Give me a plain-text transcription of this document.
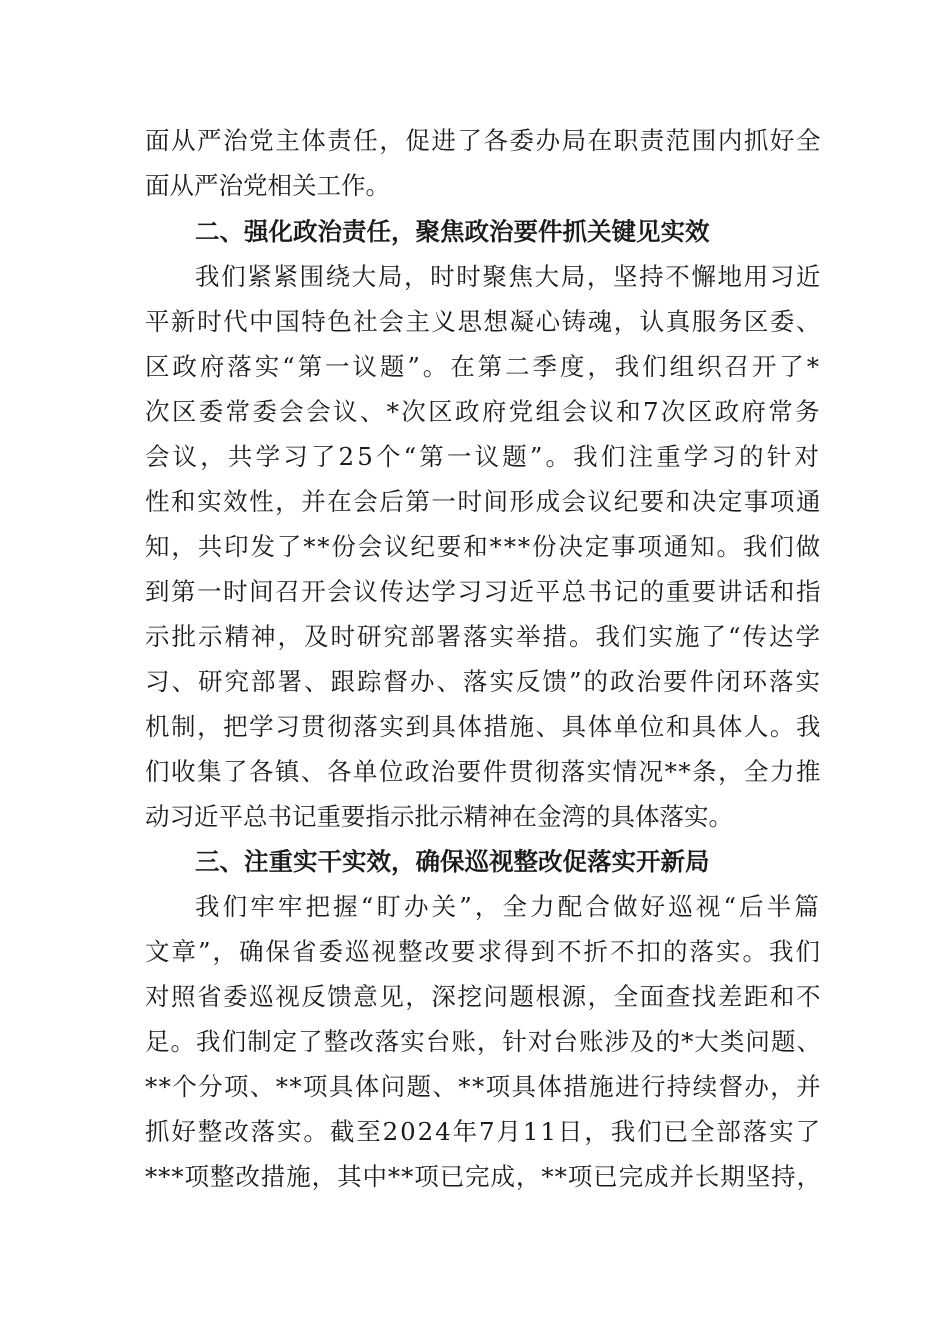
面从严治党主体责任，促进了各委办局在职责范围内抓好全
面从严治党相关工作。
二、强化政治责任，聚焦政治要件抓关键见实效
我们紧紧围绕大局，时时聚焦大局，坚持不懈地用习近
平新时代中国特色社会主义思想凝心铸魂，认真服务区委、
区政府落实“第一议题”。在第二季度，我们组织召开了*
次区委常委会会议、*次区政府党组会议和7次区政府常务
会议，共学习了25个“第一议题”。我们注重学习的针对
性和实效性，并在会后第一时间形成会议纪要和决定事项通
知，共印发了**份会议纪要和***份决定事项通知。我们做
到第一时间召开会议传达学习习近平总书记的重要讲话和指
示批示精神，及时研究部署落实举措。我们实施了“传达学
习、研究部署、跟踪督办、落实反馈”的政治要件闭环落实
机制，把学习贯彻落实到具体措施、具体单位和具体人。我
们收集了各镇、各单位政治要件贯彻落实情况**条，全力推
动习近平总书记重要指示批示精神在金湾的具体落实。
三、注重实干实效，确保巡视整改促落实开新局
我们牢牢把握“盯办关”，全力配合做好巡视“后半篇
文章”，确保省委巡视整改要求得到不折不扣的落实。我们
对照省委巡视反馈意见，深挖问题根源，全面查找差距和不
足。我们制定了整改落实台账，针对台账涉及的*大类问题、
**个分项、**项具体问题、**项具体措施进行持续督办，并
抓好整改落实。截至2024年7月11日，我们已全部落实了
***项整改措施，其中**项已完成，**项已完成并长期坚持，
